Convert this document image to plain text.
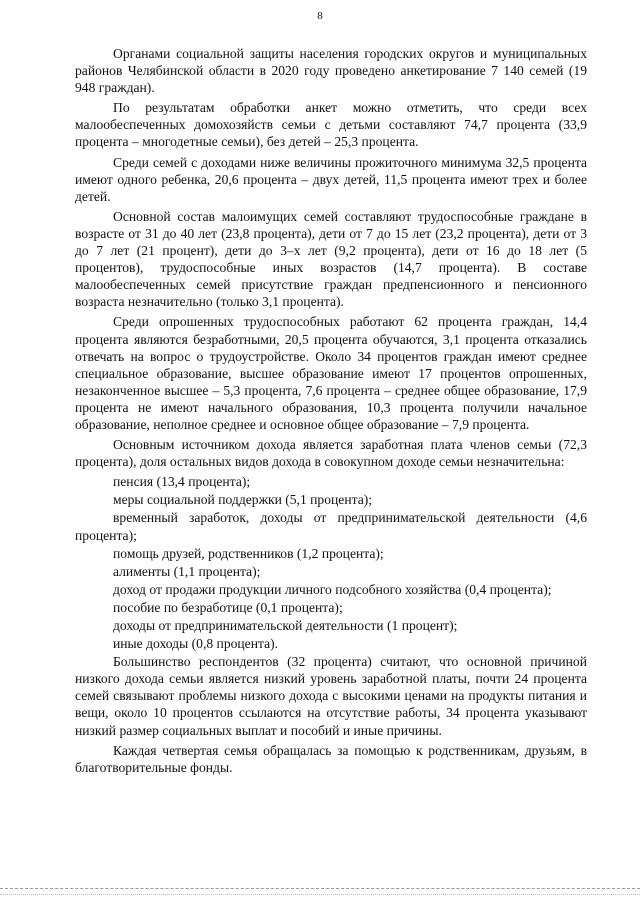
8

Органами социальной защиты населения городских округов и муниципальных районов Челябинской области в 2020 году проведено анкетирование 7 140 семей (19 948 граждан).

По результатам обработки анкет можно отметить, что среди всех малообеспеченных домохозяйств семьи с детьми составляют 74,7 процента (33,9 процента – многодетные семьи), без детей – 25,3 процента.

Среди семей с доходами ниже величины прожиточного минимума 32,5 процента имеют одного ребенка, 20,6 процента – двух детей, 11,5 процента имеют трех и более детей.

Основной состав малоимущих семей составляют трудоспособные граждане в возрасте от 31 до 40 лет (23,8 процента), дети от 7 до 15 лет (23,2 процента), дети от 3 до 7 лет (21 процент), дети до 3–х лет (9,2 процента), дети от 16 до 18 лет (5 процентов), трудоспособные иных возрастов (14,7 процента). В составе малообеспеченных семей присутствие граждан предпенсионного и пенсионного возраста незначительно (только 3,1 процента).

Среди опрошенных трудоспособных работают 62 процента граждан, 14,4 процента являются безработными, 20,5 процента обучаются, 3,1 процента отказались отвечать на вопрос о трудоустройстве. Около 34 процентов граждан имеют среднее специальное образование, высшее образование имеют 17 процентов опрошенных, незаконченное высшее – 5,3 процента, 7,6 процента – среднее общее образование, 17,9 процента не имеют начального образования, 10,3 процента получили начальное образование, неполное среднее и основное общее образование – 7,9 процента.

Основным источником дохода является заработная плата членов семьи (72,3 процента), доля остальных видов дохода в совокупном доходе семьи незначительна:

пенсия (13,4 процента);

меры социальной поддержки (5,1 процента);

временный заработок, доходы от предпринимательской деятельности (4,6 процента);

помощь друзей, родственников (1,2 процента);

алименты (1,1 процента);

доход от продажи продукции личного подсобного хозяйства (0,4 процента);

пособие по безработице (0,1 процента);

доходы от предпринимательской деятельности (1 процент);

иные доходы (0,8 процента).

Большинство респондентов (32 процента) считают, что основной причиной низкого дохода семьи является низкий уровень заработной платы, почти 24 процента семей связывают проблемы низкого дохода с высокими ценами на продукты питания и вещи, около 10 процентов ссылаются на отсутствие работы, 34 процента указывают низкий размер социальных выплат и пособий и иные причины.

Каждая четвертая семья обращалась за помощью к родственникам, друзьям, в благотворительные фонды.
